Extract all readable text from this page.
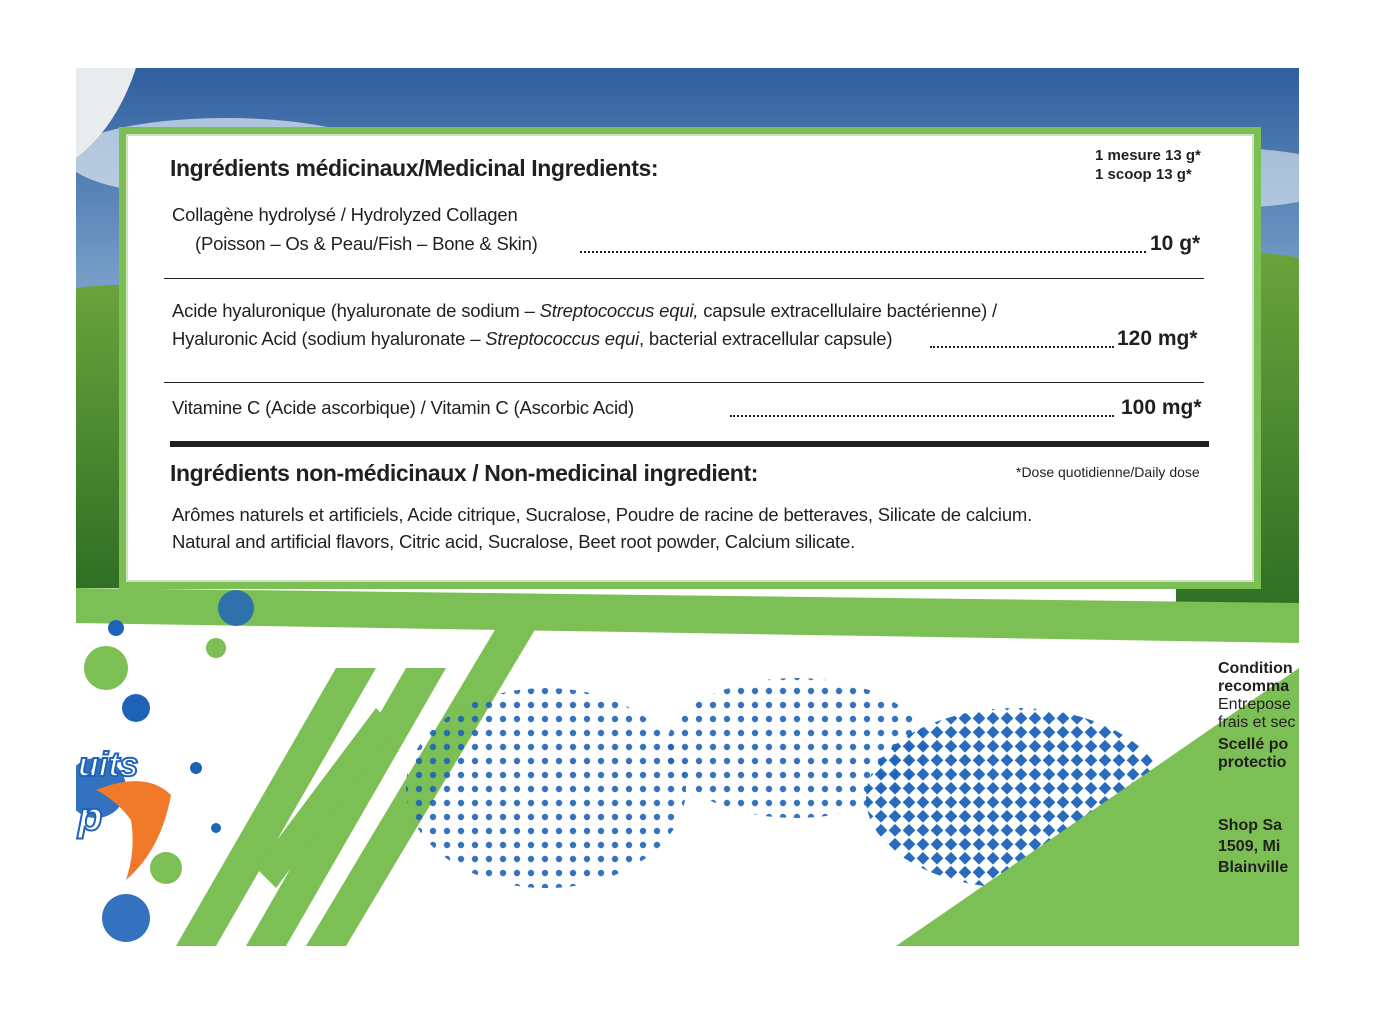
uits
p
Ingrédients médicinaux/Medicinal Ingredients:	1 mesure 13 g*
1 scoop 13 g*
Collagène hydrolysé / Hydrolyzed Collagen
(Poisson – Os & Peau/Fish – Bone & Skin)	10 g*
Acide hyaluronique (hyaluronate de sodium – Streptococcus equi, capsule extracellulaire bactérienne) /
Hyaluronic Acid (sodium hyaluronate – Streptococcus equi, bacterial extracellular capsule)	120 mg*
Vitamine C (Acide ascorbique) / Vitamin C (Ascorbic Acid)	100 mg*
Ingrédients non-médicinaux / Non-medicinal ingredient:	*Dose quotidienne/Daily dose
Arômes naturels et artificiels, Acide citrique, Sucralose, Poudre de racine de betteraves, Silicate de calcium.
Natural and artificial flavors, Citric acid, Sucralose, Beet root powder, Calcium silicate.
Condition
recomma
Entrepose
frais et sec
Scellé po
protectio
Shop Sa
1509, Mi
Blainville
